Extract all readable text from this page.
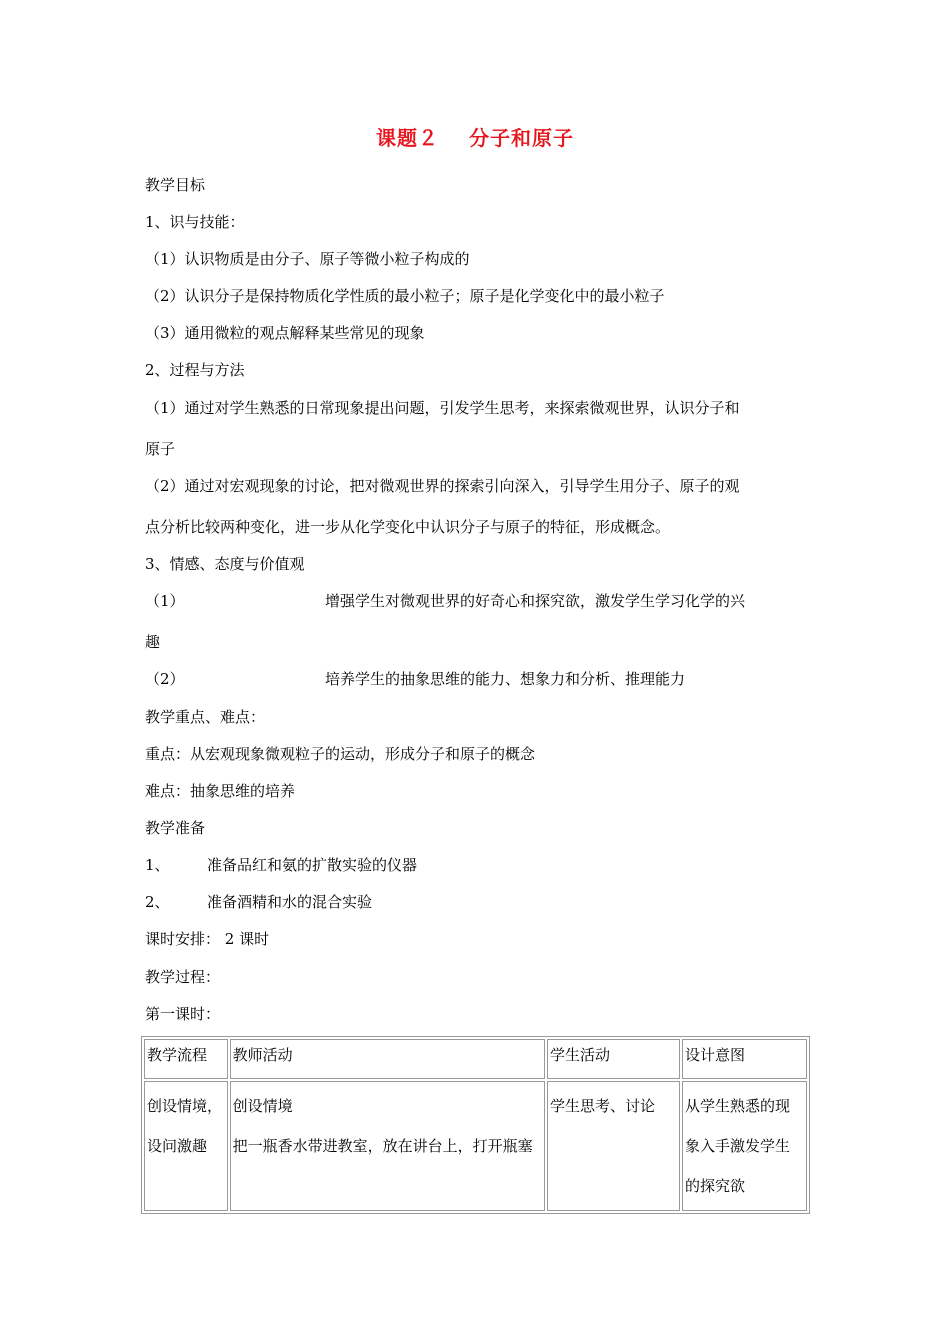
课题２ 分子和原子
教学目标
1、识与技能：
（1）认识物质是由分子、原子等微小粒子构成的
（2）认识分子是保持物质化学性质的最小粒子；原子是化学变化中的最小粒子
（3）通用微粒的观点解释某些常见的现象
2、过程与方法
（1）通过对学生熟悉的日常现象提出问题，引发学生思考，来探索微观世界，认识分子和
原子
（2）通过对宏观现象的讨论，把对微观世界的探索引向深入，引导学生用分子、原子的观
点分析比较两种变化，进一步从化学变化中认识分子与原子的特征，形成概念。
3、情感、态度与价值观
（1）	增强学生对微观世界的好奇心和探究欲，激发学生学习化学的兴
趣
（2）	培养学生的抽象思维的能力、想象力和分析、推理能力
教学重点、难点：
重点：从宏观现象微观粒子的运动，形成分子和原子的概念
难点：抽象思维的培养
教学准备
1、 准备品红和氨的扩散实验的仪器
2、 准备酒精和水的混合实验
课时安排： 2 课时
教学过程：
第一课时：
教学流程	教师活动	学生活动	设计意图
创设情境，设问激趣	创设情境
把一瓶香水带进教室，放在讲台上，打开瓶塞	学生思考、讨论	从学生熟悉的现象入手激发学生的探究欲
